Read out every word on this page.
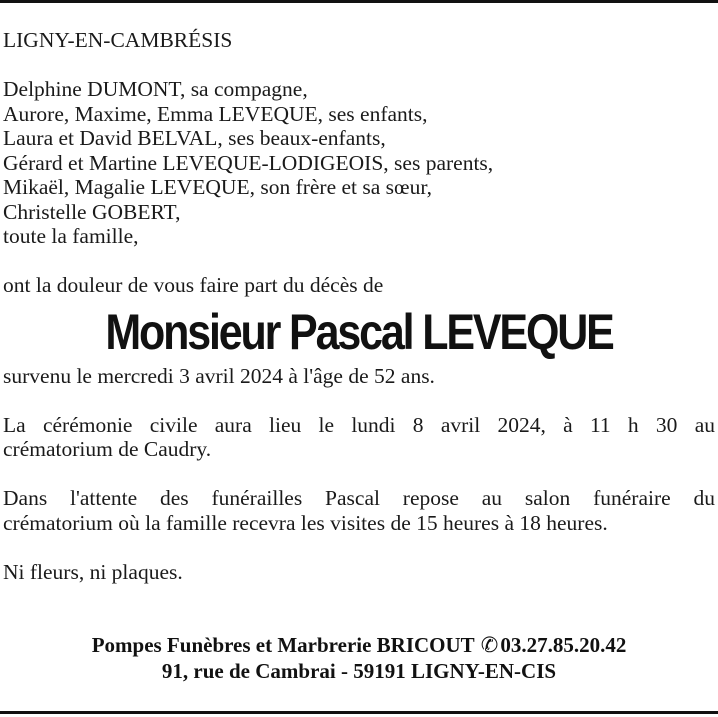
LIGNY-EN-CAMBRÉSIS

Delphine DUMONT, sa compagne,

Aurore, Maxime, Emma LEVEQUE, ses enfants,

Laura et David BELVAL, ses beaux-enfants,

Gérard et Martine LEVEQUE-LODIGEOIS, ses parents,

Mikaël, Magalie LEVEQUE, son frère et sa sœur,

Christelle GOBERT,

toute la famille,

ont la douleur de vous faire part du décès de

Monsieur Pascal LEVEQUE

survenu le mercredi 3 avril 2024 à l'âge de 52 ans.

La cérémonie civile aura lieu le lundi 8 avril 2024, à 11 h 30 au
crématorium de Caudry.
Dans l'attente des funérailles Pascal repose au salon funéraire du
crématorium où la famille recevra les visites de 15 heures à 18 heures.

Ni fleurs, ni plaques.

Pompes Funèbres et Marbrerie BRICOUT ✆03.27.85.20.42
91, rue de Cambrai - 59191 LIGNY-EN-CIS
